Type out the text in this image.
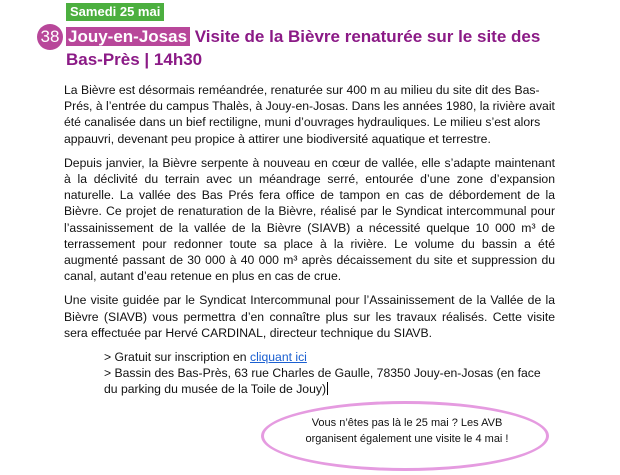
Samedi 25 mai
38 Jouy-en-Josas Visite de la Bièvre renaturée sur le site des Bas-Près | 14h30

La Bièvre est désormais reméandrée, renaturée sur 400 m au milieu du site dit des Bas-Prés, à l’entrée du campus Thalès, à Jouy-en-Josas. Dans les années 1980, la rivière avait été canalisée dans un bief rectiligne, muni d’ouvrages hydrauliques. Le milieu s’est alors appauvri, devenant peu propice à attirer une biodiversité aquatique et terrestre.

Depuis janvier, la Bièvre serpente à nouveau en cœur de vallée, elle s’adapte maintenant à la déclivité du terrain avec un méandrage serré, entourée d’une zone d’expansion naturelle. La vallée des Bas Prés fera office de tampon en cas de débordement de la Bièvre. Ce projet de renaturation de la Bièvre, réalisé par le Syndicat intercommunal pour l’assainissement de la vallée de la Bièvre (SIAVB) a nécessité quelque 10 000 m³ de terrassement pour redonner toute sa place à la rivière. Le volume du bassin a été augmenté passant de 30 000 à 40 000 m³ après décaissement du site et suppression du canal, autant d’eau retenue en plus en cas de crue.

Une visite guidée par le Syndicat Intercommunal pour l’Assainissement de la Vallée de la Bièvre (SIAVB) vous permettra d’en connaître plus sur les travaux réalisés. Cette visite sera effectuée par Hervé CARDINAL, directeur technique du SIAVB.

> Gratuit sur inscription en cliquant ici
> Bassin des Bas-Près, 63 rue Charles de Gaulle, 78350 Jouy-en-Josas (en face du parking du musée de la Toile de Jouy)
Vous n’êtes pas là le 25 mai ? Les AVB organisent également une visite le 4 mai !
